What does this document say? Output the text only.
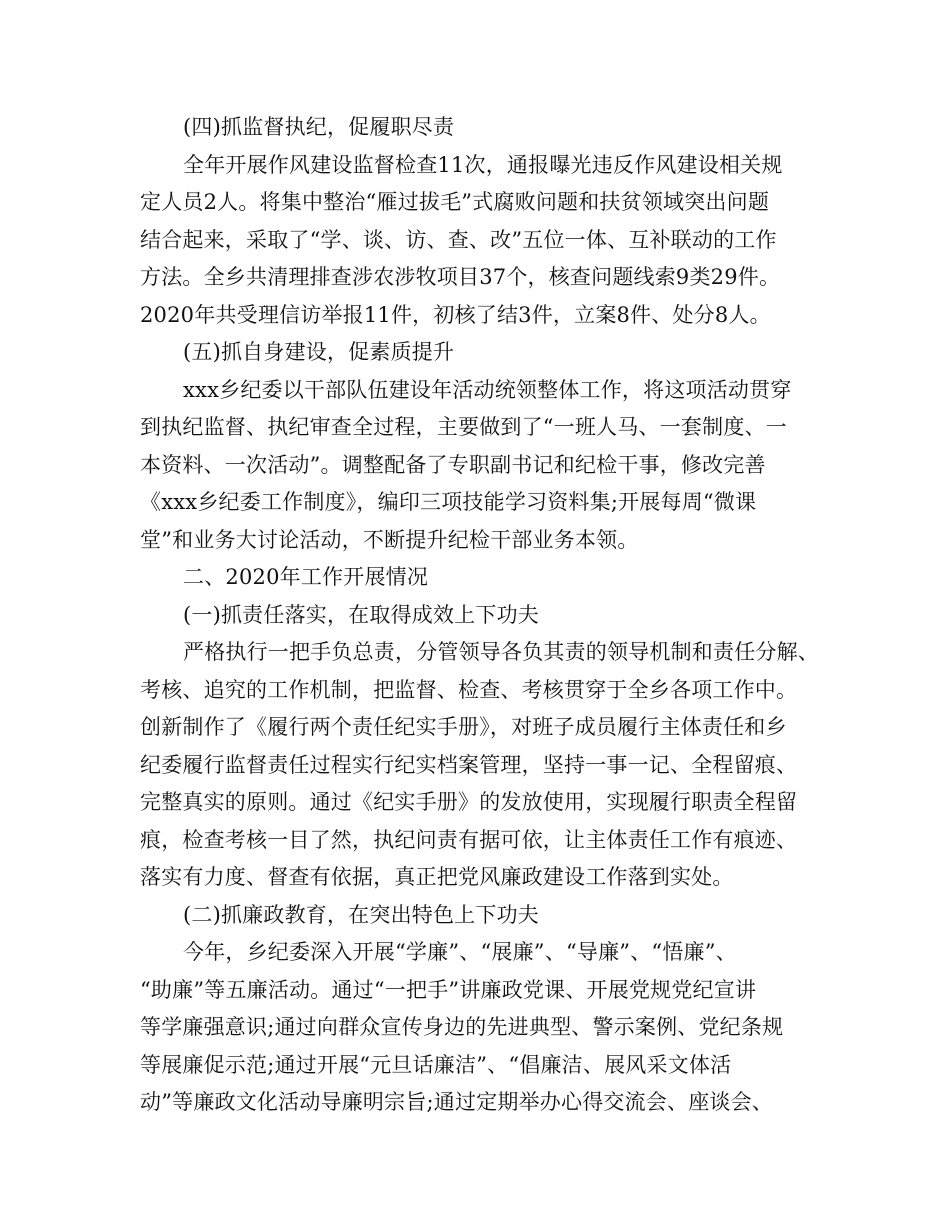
(四)抓监督执纪，促履职尽责
全年开展作风建设监督检查11次，通报曝光违反作风建设相关规
定人员2人。将集中整治“雁过拔毛”式腐败问题和扶贫领域突出问题
结合起来，采取了“学、谈、访、查、改”五位一体、互补联动的工作
方法。全乡共清理排查涉农涉牧项目37个，核查问题线索9类29件。
2020年共受理信访举报11件，初核了结3件，立案8件、处分8人。
(五)抓自身建设，促素质提升
xxx乡纪委以干部队伍建设年活动统领整体工作，将这项活动贯穿
到执纪监督、执纪审查全过程，主要做到了“一班人马、一套制度、一
本资料、一次活动”。调整配备了专职副书记和纪检干事，修改完善
《xxx乡纪委工作制度》，编印三项技能学习资料集;开展每周“微课
堂”和业务大讨论活动，不断提升纪检干部业务本领。
二、2020年工作开展情况
(一)抓责任落实，在取得成效上下功夫
严格执行一把手负总责，分管领导各负其责的领导机制和责任分解、
考核、追究的工作机制，把监督、检查、考核贯穿于全乡各项工作中。
创新制作了《履行两个责任纪实手册》，对班子成员履行主体责任和乡
纪委履行监督责任过程实行纪实档案管理，坚持一事一记、全程留痕、
完整真实的原则。通过《纪实手册》的发放使用，实现履行职责全程留
痕，检查考核一目了然，执纪问责有据可依，让主体责任工作有痕迹、
落实有力度、督查有依据，真正把党风廉政建设工作落到实处。
(二)抓廉政教育，在突出特色上下功夫
今年，乡纪委深入开展“学廉”、“展廉”、“导廉”、“悟廉”、
“助廉”等五廉活动。通过“一把手”讲廉政党课、开展党规党纪宣讲
等学廉强意识;通过向群众宣传身边的先进典型、警示案例、党纪条规
等展廉促示范;通过开展“元旦话廉洁”、“倡廉洁、展风采文体活
动”等廉政文化活动导廉明宗旨;通过定期举办心得交流会、座谈会、
